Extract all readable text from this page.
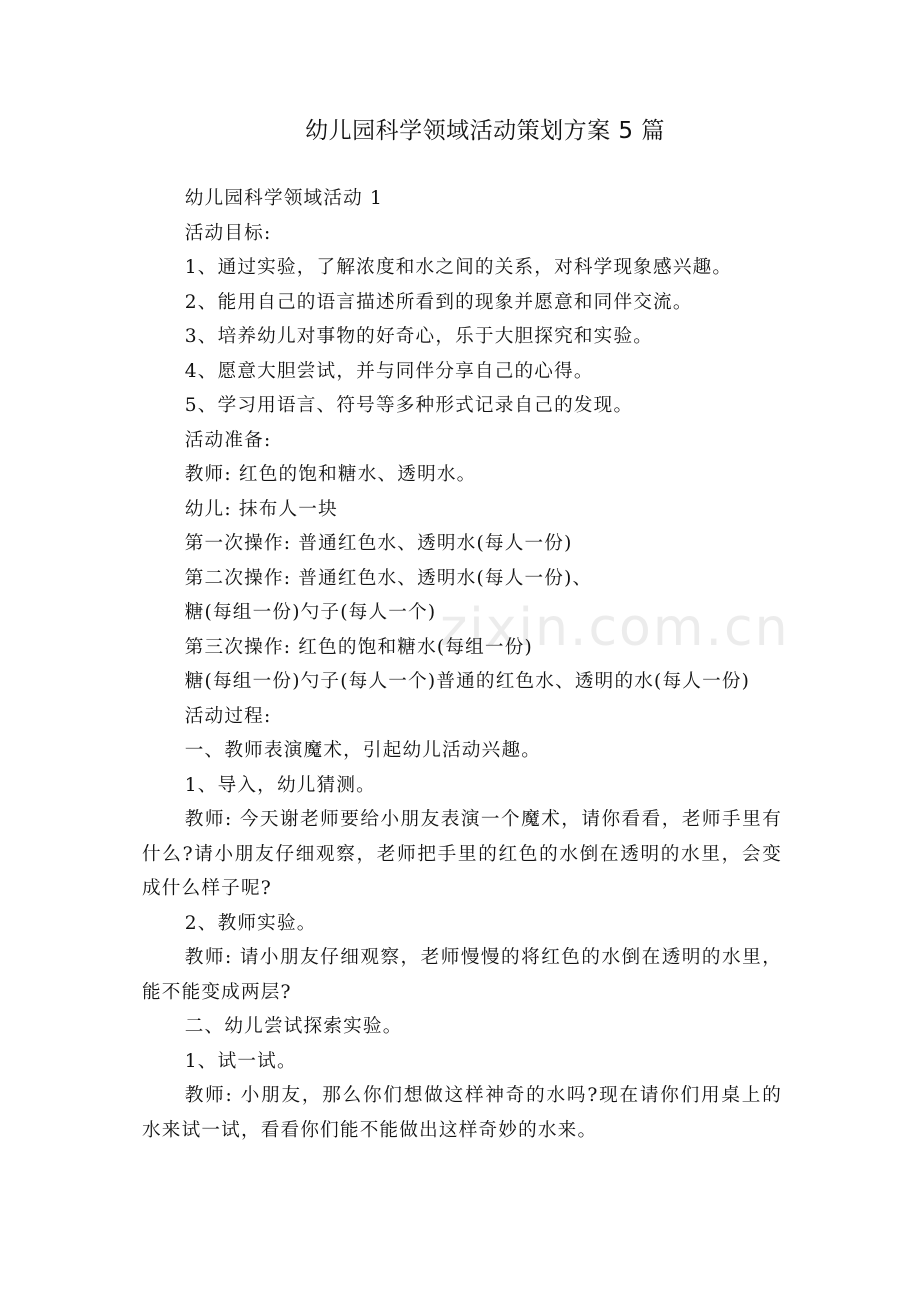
幼儿园科学领域活动策划方案 5 篇
zixin.com.cn

幼儿园科学领域活动 1

活动目标:

1、通过实验，了解浓度和水之间的关系，对科学现象感兴趣。

2、能用自己的语言描述所看到的现象并愿意和同伴交流。

3、培养幼儿对事物的好奇心，乐于大胆探究和实验。

4、愿意大胆尝试，并与同伴分享自己的心得。

5、学习用语言、符号等多种形式记录自己的发现。

活动准备:

教师: 红色的饱和糖水、透明水。

幼儿: 抹布人一块

第一次操作: 普通红色水、透明水(每人一份)

第二次操作: 普通红色水、透明水(每人一份)、

糖(每组一份)勺子(每人一个)

第三次操作: 红色的饱和糖水(每组一份)

糖(每组一份)勺子(每人一个)普通的红色水、透明的水(每人一份)

活动过程:

一、教师表演魔术，引起幼儿活动兴趣。

1、导入，幼儿猜测。

教师: 今天谢老师要给小朋友表演一个魔术，请你看看，老师手里有什么?请小朋友仔细观察，老师把手里的红色的水倒在透明的水里，会变成什么样子呢?

2、教师实验。

教师: 请小朋友仔细观察，老师慢慢的将红色的水倒在透明的水里，能不能变成两层?

二、幼儿尝试探索实验。

1、试一试。

教师: 小朋友，那么你们想做这样神奇的水吗?现在请你们用桌上的水来试一试，看看你们能不能做出这样奇妙的水来。
